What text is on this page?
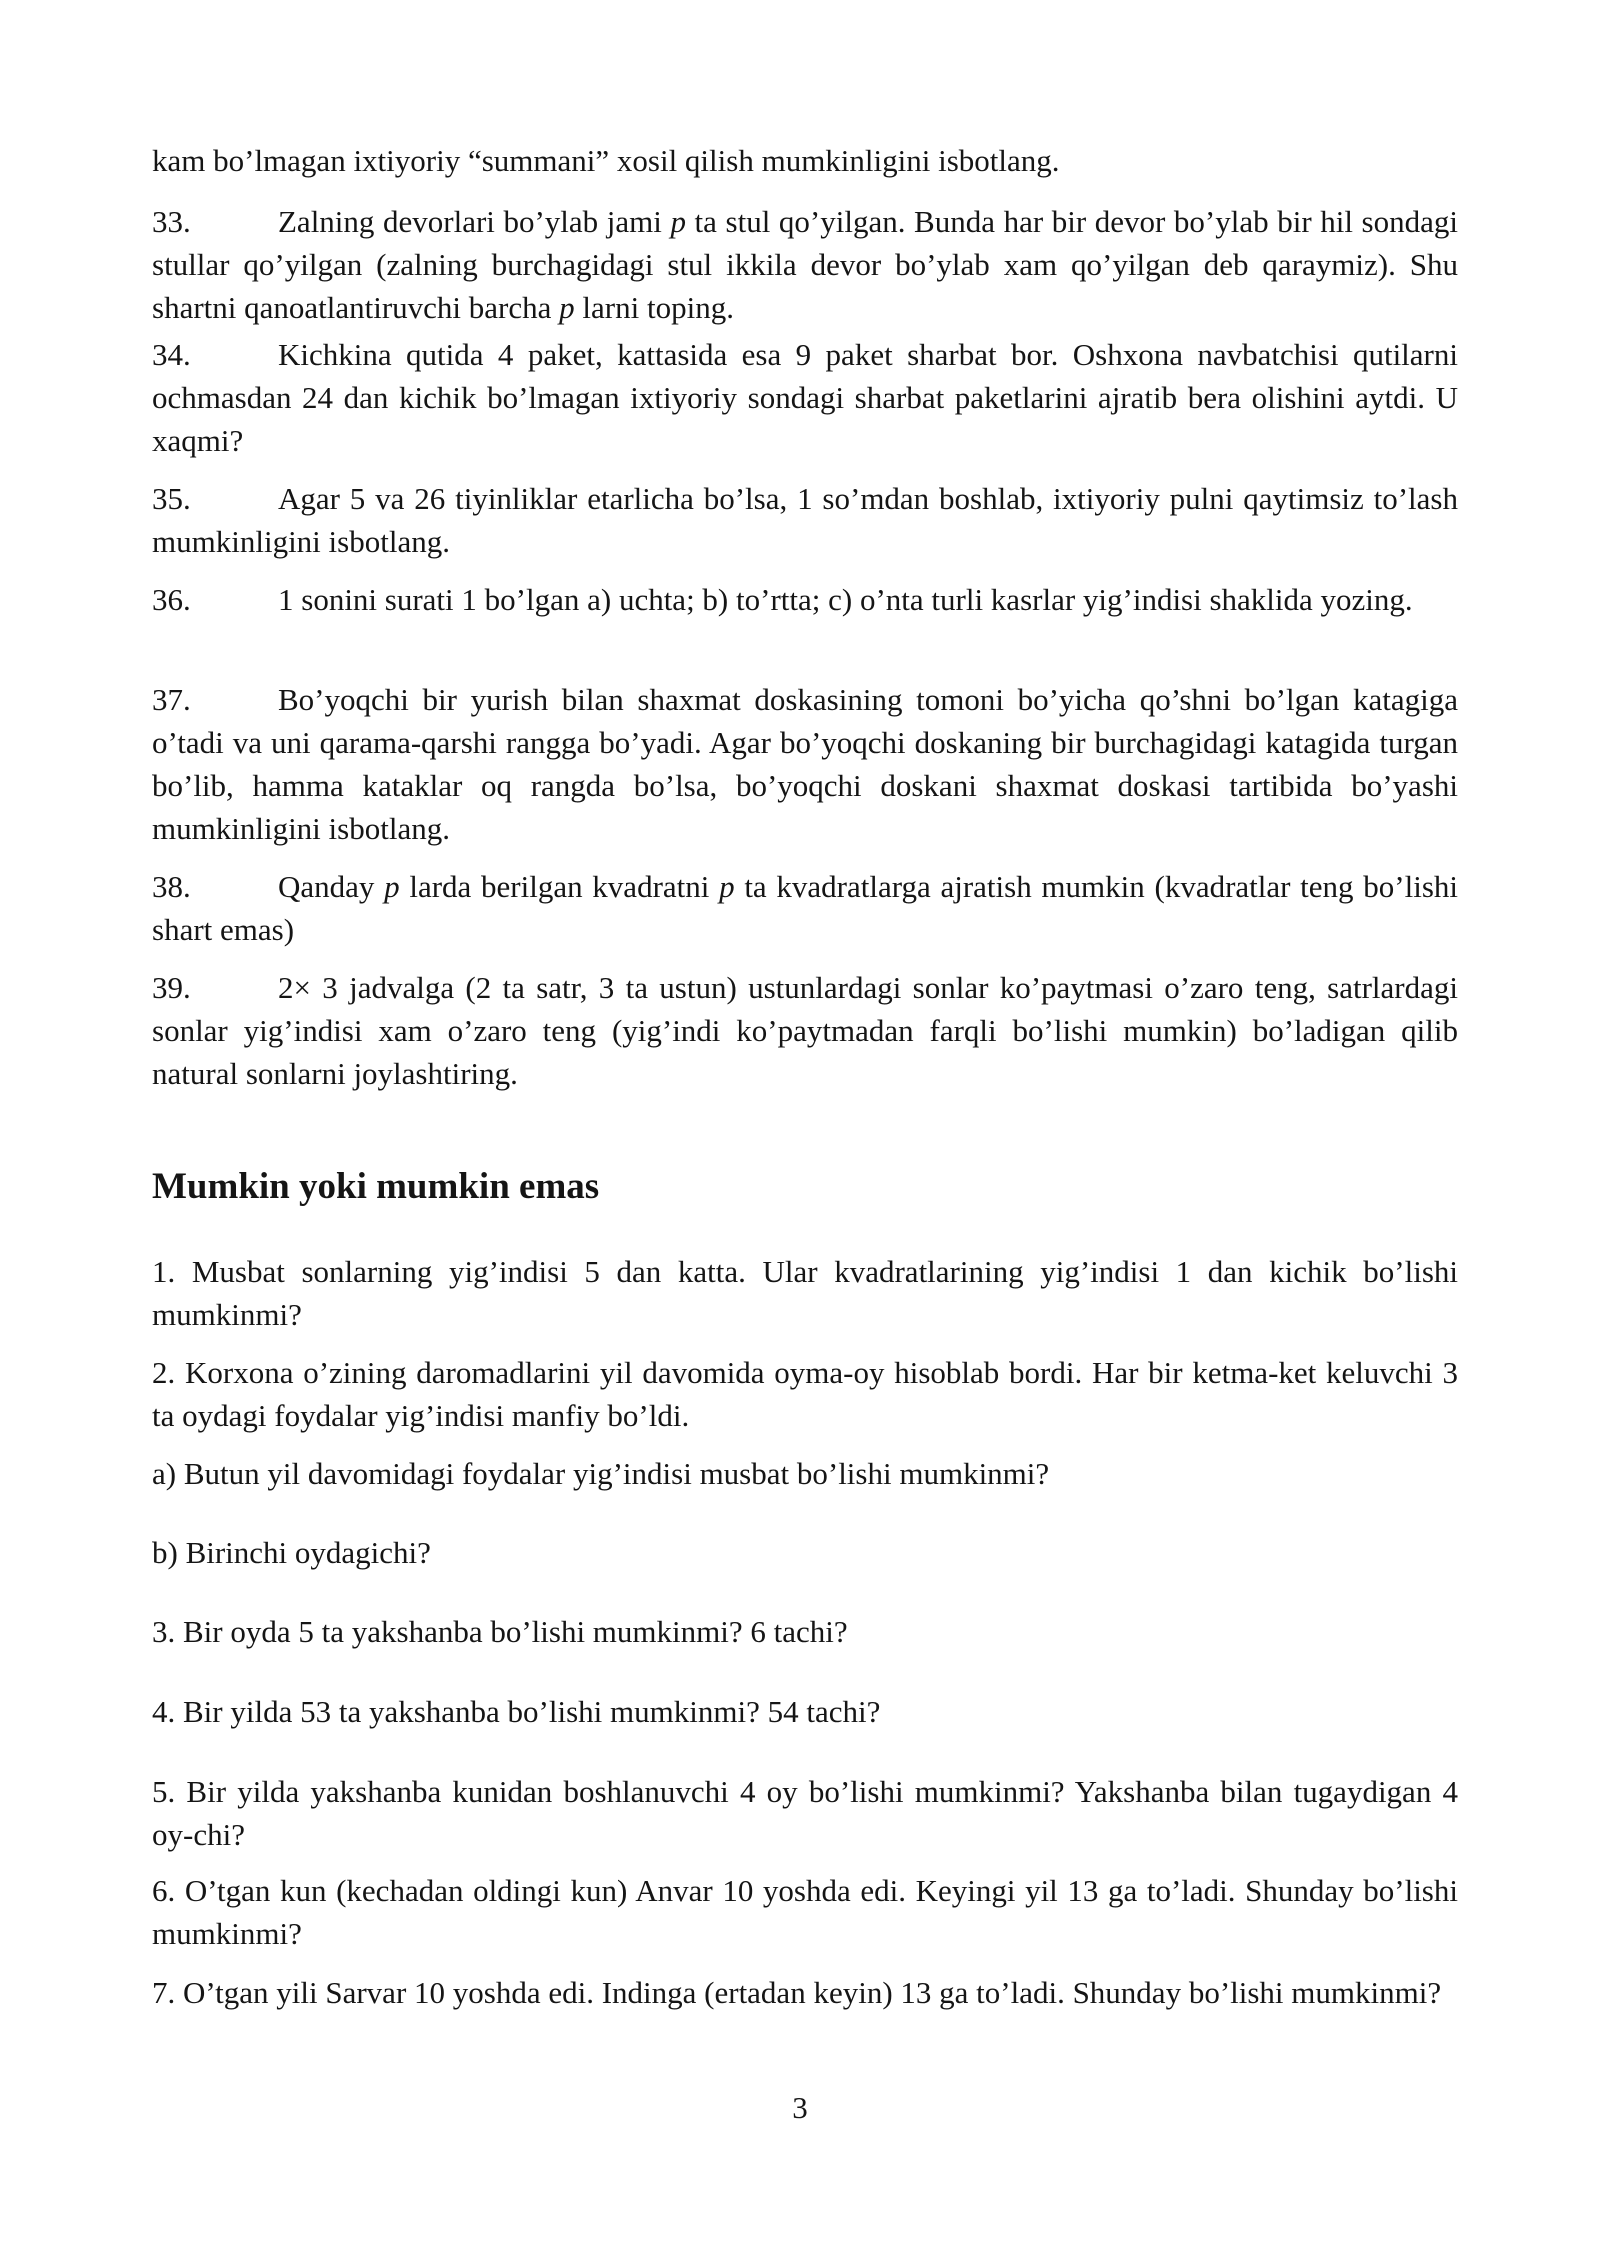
kam bo’lmagan ixtiyoriy “summani” xosil qilish mumkinligini isbotlang.
33.	Zalning devorlari bo’ylab jami p ta stul qo’yilgan. Bunda har bir devor bo’ylab bir hil sondagi stullar qo’yilgan (zalning burchagidagi stul ikkila devor bo’ylab xam qo’yilgan deb qaraymiz). Shu shartni qanoatlantiruvchi barcha p larni toping.
34.	Kichkina qutida 4 paket, kattasida esa 9 paket sharbat bor. Oshxona navbatchisi qutilarni ochmasdan 24 dan kichik bo’lmagan ixtiyoriy sondagi sharbat paketlarini ajratib bera olishini aytdi. U xaqmi?
35.	Agar 5 va 26 tiyinliklar etarlicha bo’lsa, 1 so’mdan boshlab, ixtiyoriy pulni qaytimsiz to’lash mumkinligini isbotlang.
36.	1 sonini surati 1 bo’lgan a) uchta; b) to’rtta; c) o’nta turli kasrlar yig’indisi shaklida yozing.
37.	Bo’yoqchi bir yurish bilan shaxmat doskasining tomoni bo’yicha qo’shni bo’lgan katagiga o’tadi va uni qarama-qarshi rangga bo’yadi. Agar bo’yoqchi doskaning bir burchagidagi katagida turgan bo’lib, hamma kataklar oq rangda bo’lsa, bo’yoqchi doskani shaxmat doskasi tartibida bo’yashi mumkinligini isbotlang.
38.	Qanday p larda berilgan kvadratni p ta kvadratlarga ajratish mumkin (kvadratlar teng bo’lishi shart emas)
39.	2× 3 jadvalga (2 ta satr, 3 ta ustun) ustunlardagi sonlar ko’paytmasi o’zaro teng, satrlardagi sonlar yig’indisi xam o’zaro teng (yig’indi ko’paytmadan farqli bo’lishi mumkin) bo’ladigan qilib natural sonlarni joylashtiring.
Mumkin yoki mumkin emas
1. Musbat sonlarning yig’indisi 5 dan katta. Ular kvadratlarining yig’indisi 1 dan kichik bo’lishi mumkinmi?
2. Korxona o’zining daromadlarini yil davomida oyma-oy hisoblab bordi. Har bir ketma-ket keluvchi 3 ta oydagi foydalar yig’indisi manfiy bo’ldi.
a) Butun yil davomidagi foydalar yig’indisi musbat bo’lishi mumkinmi?
b) Birinchi oydagichi?
3. Bir oyda 5 ta yakshanba bo’lishi mumkinmi? 6 tachi?
4. Bir yilda 53 ta yakshanba bo’lishi mumkinmi? 54 tachi?
5. Bir yilda yakshanba kunidan boshlanuvchi 4 oy bo’lishi mumkinmi? Yakshanba bilan tugaydigan 4 oy-chi?
6. O’tgan kun (kechadan oldingi kun) Anvar 10 yoshda edi. Keyingi yil 13 ga to’ladi. Shunday bo’lishi mumkinmi?
7. O’tgan yili Sarvar 10 yoshda edi. Indinga (ertadan keyin) 13 ga to’ladi. Shunday bo’lishi mumkinmi?
3
